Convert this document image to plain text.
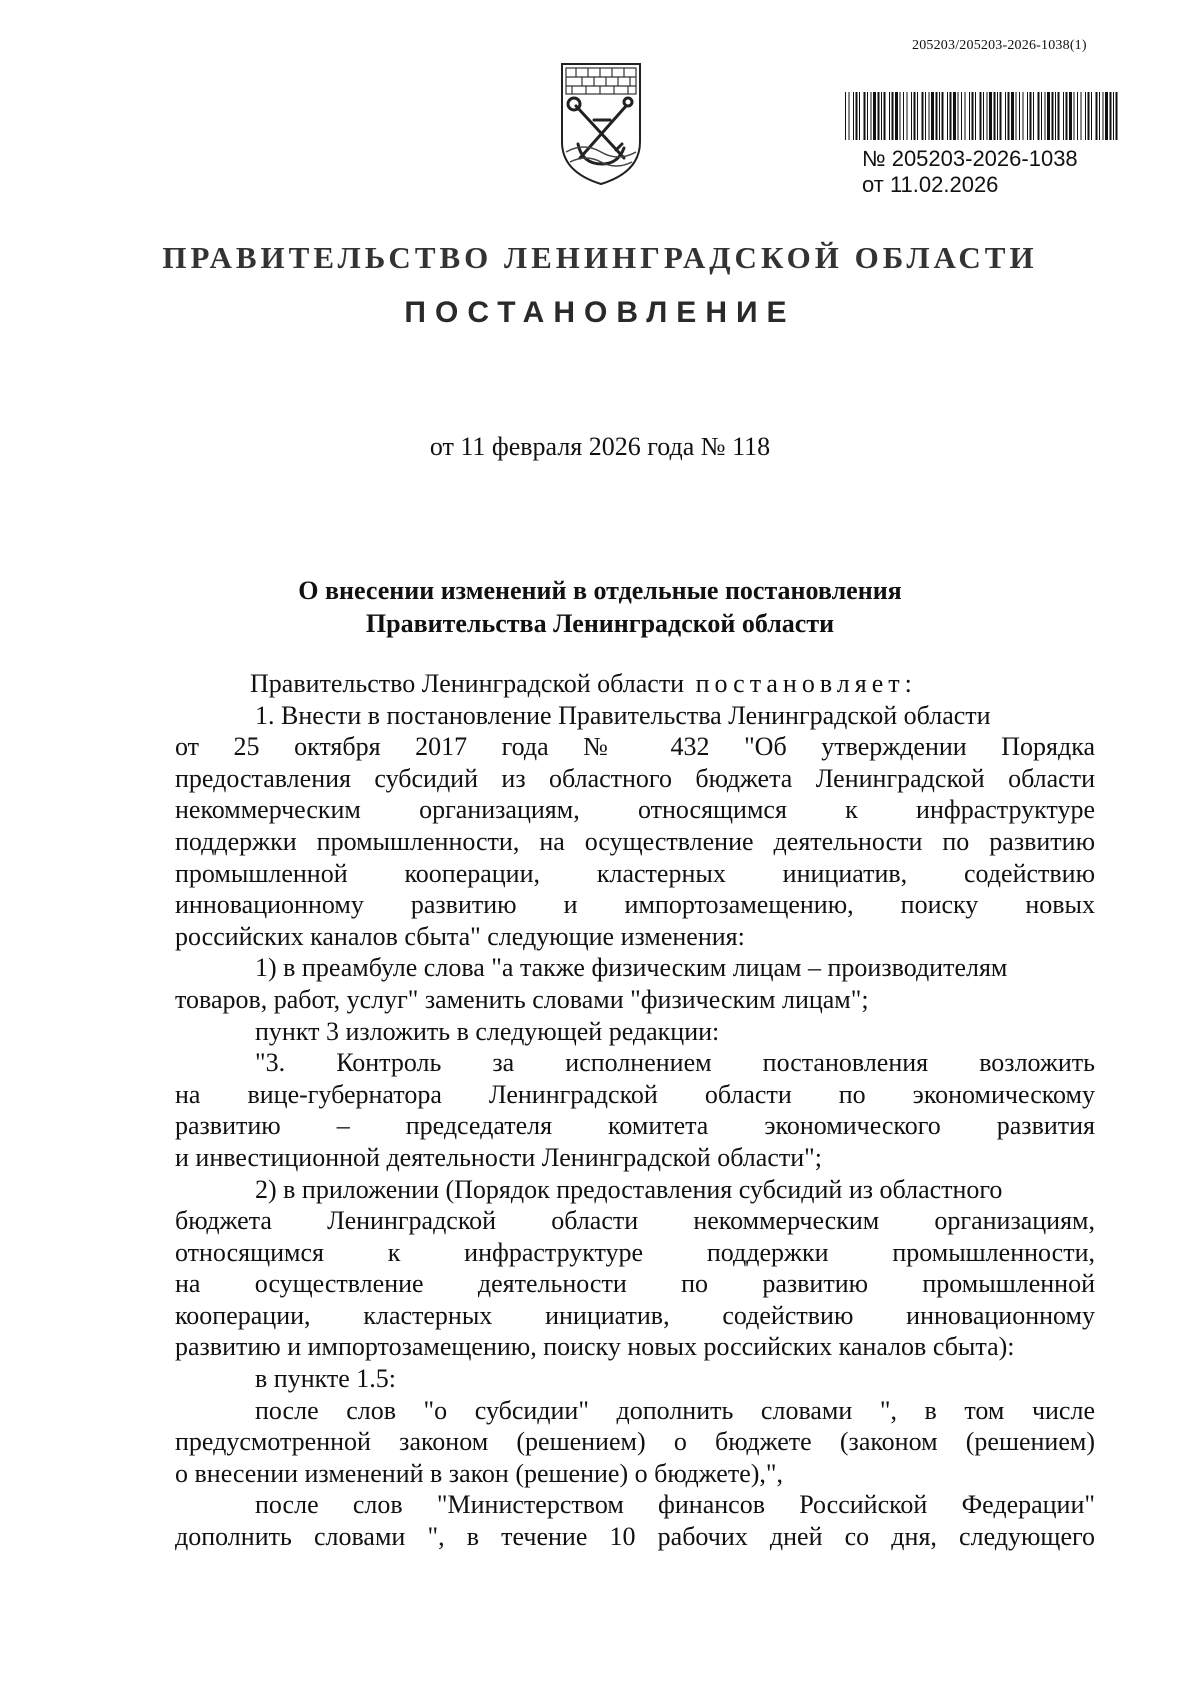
205203/205203-2026-1038(1)
№ 205203-2026-1038
от 11.02.2026
ПРАВИТЕЛЬСТВО ЛЕНИНГРАДСКОЙ ОБЛАСТИ
ПОСТАНОВЛЕНИЕ
от 11 февраля 2026 года № 118
О внесении изменений в отдельные постановления
Правительства Ленинградской области
Правительство Ленинградской области постановляет:
1. Внести в постановление Правительства Ленинградской области
от 25 октября 2017 года № 432 "Об утверждении Порядка
предоставления субсидий из областного бюджета Ленинградской области
некоммерческим организациям, относящимся к инфраструктуре
поддержки промышленности, на осуществление деятельности по развитию
промышленной кооперации, кластерных инициатив, содействию
инновационному развитию и импортозамещению, поиску новых
российских каналов сбыта" следующие изменения:
1) в преамбуле слова "а также физическим лицам – производителям
товаров, работ, услуг" заменить словами "физическим лицам";
пункт 3 изложить в следующей редакции:
"3. Контроль за исполнением постановления возложить
на вице-губернатора Ленинградской области по экономическому
развитию – председателя комитета экономического развития
и инвестиционной деятельности Ленинградской области";
2) в приложении (Порядок предоставления субсидий из областного
бюджета Ленинградской области некоммерческим организациям,
относящимся к инфраструктуре поддержки промышленности,
на осуществление деятельности по развитию промышленной
кооперации, кластерных инициатив, содействию инновационному
развитию и импортозамещению, поиску новых российских каналов сбыта):
в пункте 1.5:
после слов "о субсидии" дополнить словами ", в том числе
предусмотренной законом (решением) о бюджете (законом (решением)
о внесении изменений в закон (решение) о бюджете),",
после слов "Министерством финансов Российской Федерации"
дополнить словами ", в течение 10 рабочих дней со дня, следующего
